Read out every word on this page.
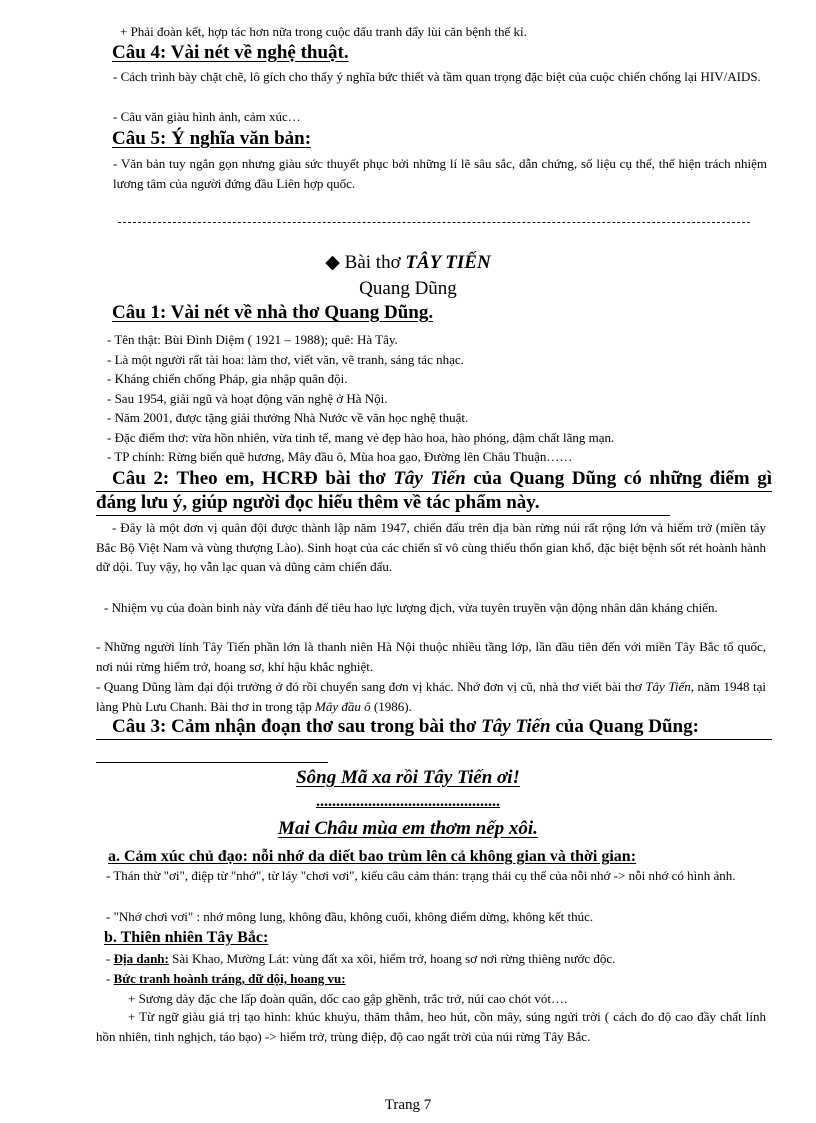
+ Phải đoàn kết, hợp tác hơn nữa trong cuộc đấu tranh đẩy lùi căn bệnh thế kỉ.
Câu 4: Vài nét về nghệ thuật.
- Cách trình bày chặt chẽ, lô gích cho thấy ý nghĩa bức thiết và tầm quan trọng đặc biệt của cuộc chiến chống lại HIV/AIDS.
- Câu văn giàu hình ảnh, cảm xúc…
Câu 5: Ý nghĩa văn bản:
- Văn bản tuy ngắn gọn nhưng giàu sức thuyết phục bởi những lí lẽ sâu sắc, dẫn chứng, số liệu cụ thể, thể hiện trách nhiệm lương tâm của người đứng đầu Liên hợp quốc.
◆ Bài thơ TÂY TIẾN
Quang Dũng
Câu 1: Vài nét về nhà thơ Quang Dũng.
- Tên thật: Bùi Đình Diệm ( 1921 – 1988); quê: Hà Tây.
- Là một người rất tài hoa: làm thơ, viết văn, vẽ tranh, sáng tác nhạc.
- Kháng chiến chống Pháp, gia nhập quân đội.
- Sau 1954, giải ngũ và hoạt động văn nghệ ở Hà Nội.
- Năm 2001, được tặng giải thưởng Nhà Nước về văn học nghệ thuật.
- Đặc điểm thơ: vừa hồn nhiên, vừa tinh tế, mang vẻ đẹp hào hoa, hào phóng, đậm chất lãng mạn.
- TP chính: Rừng biển quê hương, Mây đầu ô, Mùa hoa gạo, Đường lên Châu Thuận……
Câu 2: Theo em, HCRĐ bài thơ Tây Tiến của Quang Dũng có những điểm gì đáng lưu ý, giúp người đọc hiểu thêm về tác phẩm này.
- Đây là một đơn vị quân đội được thành lập năm 1947, chiến đấu trên địa bàn rừng núi rất rộng lớn và hiểm trở (miền tây Bắc Bộ Việt Nam và vùng thượng Lào). Sinh hoạt của các chiến sĩ vô cùng thiếu thốn gian khổ, đặc biệt bệnh sốt rét hoành hành dữ dội. Tuy vậy, họ vẫn lạc quan và dũng cảm chiến đấu.
- Nhiệm vụ của đoàn binh này vừa đánh để tiêu hao lực lượng địch, vừa tuyên truyền vận động nhân dân kháng chiến.
- Những người lính Tây Tiến phần lớn là thanh niên Hà Nội thuộc nhiều tầng lớp, lần đầu tiên đến với miền Tây Bắc tổ quốc, nơi núi rừng hiểm trở, hoang sơ, khí hậu khắc nghiệt.
- Quang Dũng làm đại đội trưởng ở đó rồi chuyển sang đơn vị khác. Nhớ đơn vị cũ, nhà thơ viết bài thơ Tây Tiến, năm 1948 tại làng Phù Lưu Chanh. Bài thơ in trong tập Mây đầu ô (1986).
Câu 3: Cảm nhận đoạn thơ sau trong bài thơ Tây Tiến của Quang Dũng:
Sông Mã xa rồi Tây Tiến ơi!
..............................................
Mai Châu mùa em thơm nếp xôi.
a. Cảm xúc chủ đạo: nỗi nhớ da diết bao trùm lên cả không gian và thời gian:
- Thán thừ "ơi", điệp từ "nhớ", từ láy "chơi vơi", kiểu câu cảm thán: trạng thái cụ thể của nỗi nhớ -> nỗi nhớ có hình ảnh.
- "Nhớ chơi vơi" : nhớ mông lung, không đầu, không cuối, không điểm dừng, không kết thúc.
b. Thiên nhiên Tây Bắc:
- Địa danh: Sài Khao, Mường Lát: vùng đất xa xôi, hiểm trở, hoang sơ nơi rừng thiêng nước độc.
- Bức tranh hoành tráng, dữ dội, hoang vu:
+ Sương dày đặc che lấp đoàn quân, dốc cao gập ghềnh, trắc trở, núi cao chót vót….
+ Từ ngữ giàu giá trị tạo hình: khúc khuỷu, thăm thẳm, heo hút, cồn mây, súng ngửi trời ( cách đo độ cao đầy chất lính hồn nhiên, tinh nghịch, táo bạo) -> hiểm trở, trùng điệp, độ cao ngất trời của núi rừng Tây Bắc.
Trang 7
